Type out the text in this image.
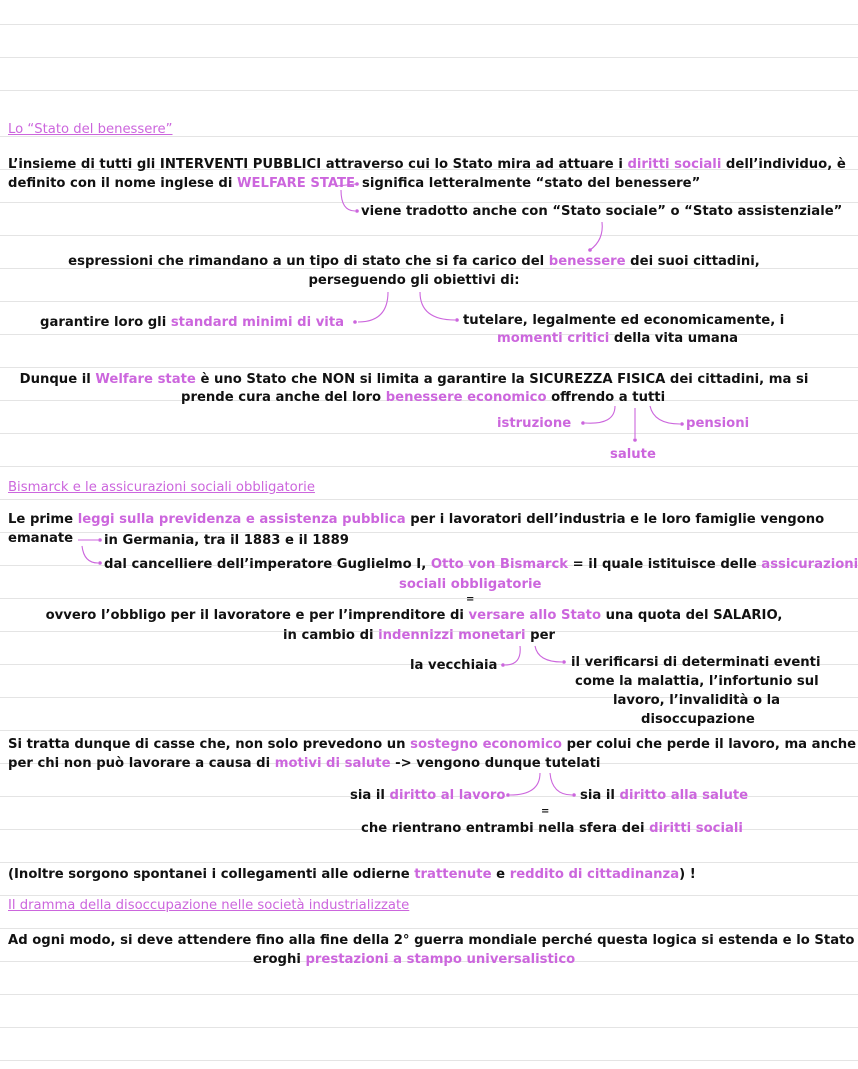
Lo “Stato del benessere”
L’insieme di tutti gli INTERVENTI PUBBLICI attraverso cui lo Stato mira ad attuare i diritti sociali dell’individuo, è
definito con il nome inglese di WELFARE STATE significa letteralmente “stato del benessere”
viene tradotto anche con “Stato sociale” o “Stato assistenziale”
espressioni che rimandano a un tipo di stato che si fa carico del benessere dei suoi cittadini,
perseguendo gli obiettivi di:
garantire loro gli standard minimi di vita	tutelare, legalmente ed economicamente, i
momenti critici della vita umana
Dunque il Welfare state è uno Stato che NON si limita a garantire la SICUREZZA FISICA dei cittadini, ma si
prende cura anche del loro benessere economico offrendo a tutti
istruzione	pensioni
salute
Bismarck e le assicurazioni sociali obbligatorie
Le prime leggi sulla previdenza e assistenza pubblica per i lavoratori dell’industria e le loro famiglie vengono
emanate in Germania, tra il 1883 e il 1889
dal cancelliere dell’imperatore Guglielmo I, Otto von Bismarck = il quale istituisce delle assicurazioni
sociali obbligatorie
=
ovvero l’obbligo per il lavoratore e per l’imprenditore di versare allo Stato una quota del SALARIO,
in cambio di indennizzi monetari per
la vecchiaia	il verificarsi di determinati eventi
come la malattia, l’infortunio sul
lavoro, l’invalidità o la
disoccupazione
Si tratta dunque di casse che, non solo prevedono un sostegno economico per colui che perde il lavoro, ma anche
per chi non può lavorare a causa di motivi di salute -> vengono dunque tutelati
sia il diritto al lavoro	sia il diritto alla salute
=
che rientrano entrambi nella sfera dei diritti sociali
(Inoltre sorgono spontanei i collegamenti alle odierne trattenute e reddito di cittadinanza) !
Il dramma della disoccupazione nelle società industrializzate
Ad ogni modo, si deve attendere fino alla fine della 2° guerra mondiale perché questa logica si estenda e lo Stato
eroghi prestazioni a stampo universalistico
